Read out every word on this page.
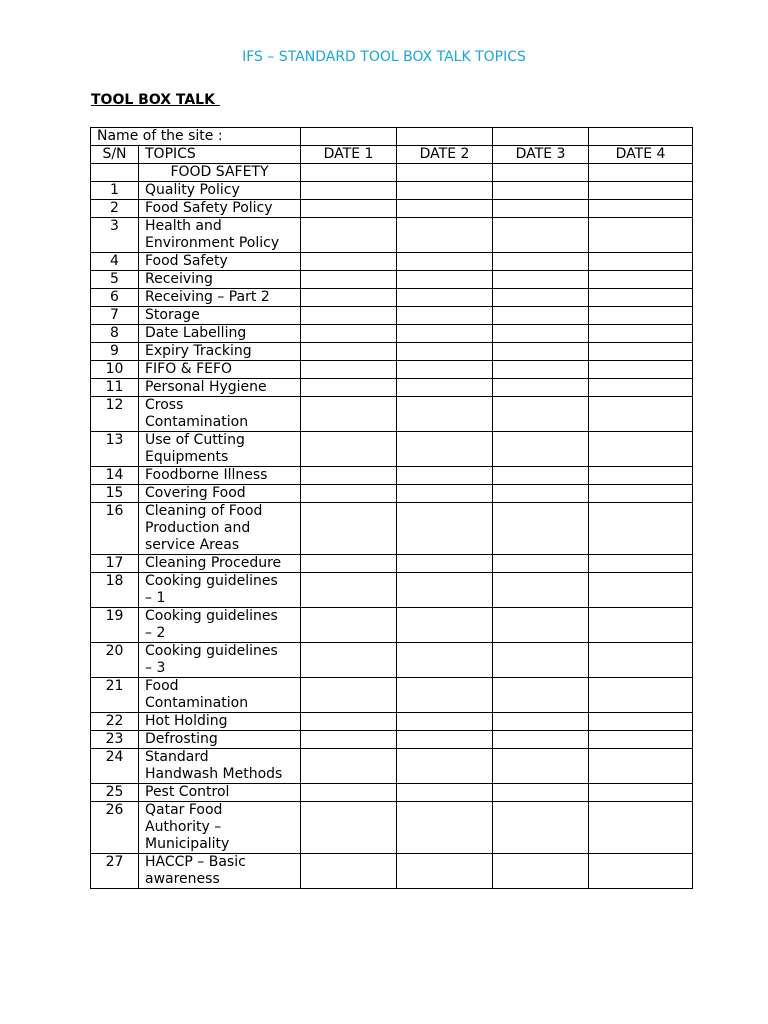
IFS – STANDARD TOOL BOX TALK TOPICS
TOOL BOX TALK
Name of the site :					
S/N	TOPICS	DATE 1	DATE 2	DATE 3	DATE 4
	FOOD SAFETY				
1	Quality Policy				

2	Food Safety Policy				

3	Health and
Environment Policy				

4	Food Safety				

5	Receiving				

6	Receiving – Part 2				

7	Storage				

8	Date Labelling				

9	Expiry Tracking				

10	FIFO & FEFO				

11	Personal Hygiene				

12	Cross
Contamination				

13	Use of Cutting
Equipments				

14	Foodborne Illness				

15	Covering Food				

16	Cleaning of Food
Production and
service Areas				

17	Cleaning Procedure				

18	Cooking guidelines
– 1				

19	Cooking guidelines
– 2				

20	Cooking guidelines
– 3				

21	Food
Contamination				

22	Hot Holding				

23	Defrosting				

24	Standard
Handwash Methods				

25	Pest Control				

26	Qatar Food
Authority –
Municipality				

27	HACCP – Basic
awareness				
